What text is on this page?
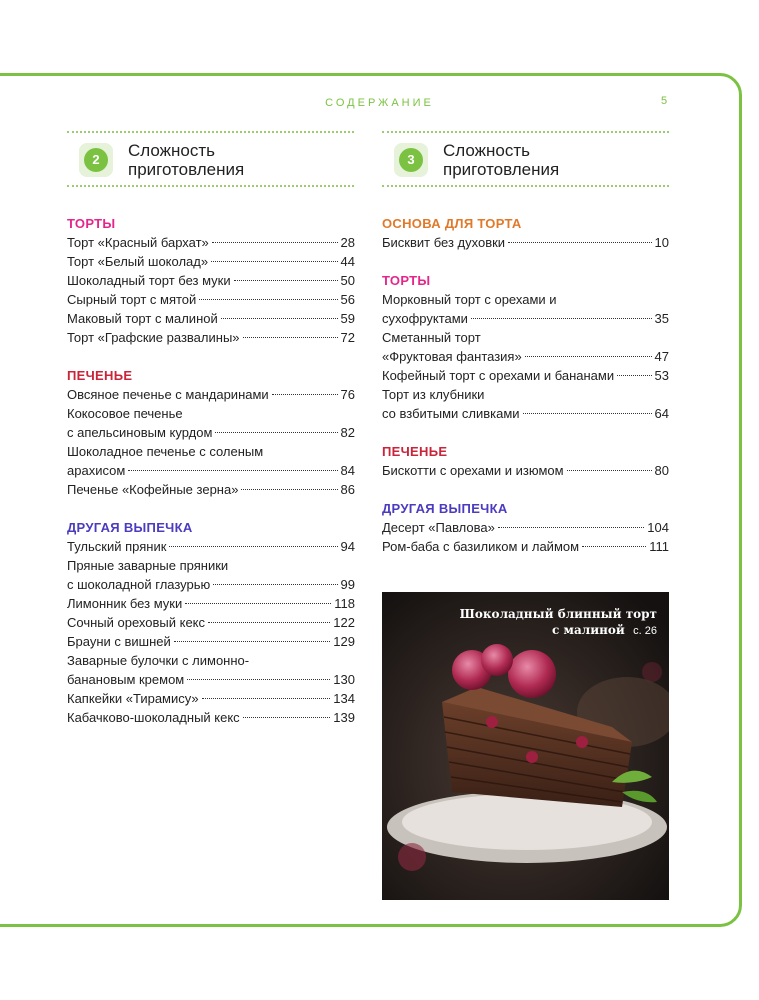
СОДЕРЖАНИЕ	5
2	Сложность
приготовления
3	Сложность
приготовления
ТОРТЫ
Торт «Красный бархат»	28
Торт «Белый шоколад»	44
Шоколадный торт без муки	50
Сырный торт с мятой	56
Маковый торт с малиной	59
Торт «Графские развалины»	72
ПЕЧЕНЬЕ
Овсяное печенье с мандаринами	76
Кокосовое печенье
с апельсиновым курдом	82
Шоколадное печенье с соленым
арахисом	84
Печенье «Кофейные зерна»	86
ДРУГАЯ ВЫПЕЧКА
Тульский пряник	94
Пряные заварные пряники
с шоколадной глазурью	99
Лимонник без муки	118
Сочный ореховый кекс	122
Брауни с вишней	129
Заварные булочки с лимонно-
банановым кремом	130
Капкейки «Тирамису»	134
Кабачково-шоколадный кекс	139
ОСНОВА ДЛЯ ТОРТА
Бисквит без духовки	10
ТОРТЫ
Морковный торт с орехами и
сухофруктами	35
Сметанный торт
«Фруктовая фантазия»	47
Кофейный торт с орехами и бананами	53
Торт из клубники
со взбитыми сливками	64
ПЕЧЕНЬЕ
Бискотти с орехами и изюмом	80
ДРУГАЯ ВЫПЕЧКА
Десерт «Павлова»	104
Ром-баба с базиликом и лаймом	111
Шоколадный блинный торт
с малиной с. 26
